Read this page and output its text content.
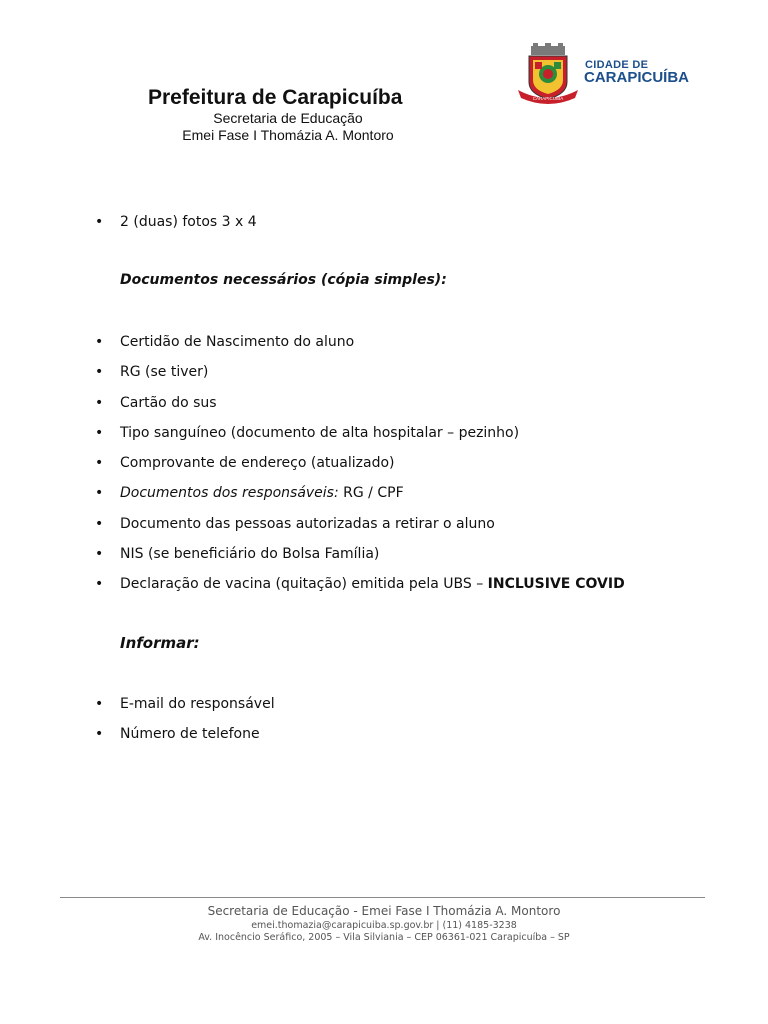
Prefeitura de Carapicuíba
Secretaria de Educação
Emei Fase I Thomázia A. Montoro
CARAPICUIBA
CIDADE DE
CARAPICUÍBA
• 2 (duas) fotos 3 x 4
Documentos necessários (cópia simples):
• Certidão de Nascimento do aluno
• RG (se tiver)
• Cartão do sus
• Tipo sanguíneo (documento de alta hospitalar – pezinho)
• Comprovante de endereço (atualizado)
• Documentos dos responsáveis: RG / CPF
• Documento das pessoas autorizadas a retirar o aluno
• NIS (se beneficiário do Bolsa Família)
• Declaração de vacina (quitação) emitida pela UBS – INCLUSIVE COVID
Informar:
• E-mail do responsável
• Número de telefone
Secretaria de Educação - Emei Fase I Thomázia A. Montoro
emei.thomazia@carapicuiba.sp.gov.br | (11) 4185-3238
Av. Inocêncio Seráfico, 2005 – Vila Silviania – CEP 06361-021 Carapicuíba – SP
